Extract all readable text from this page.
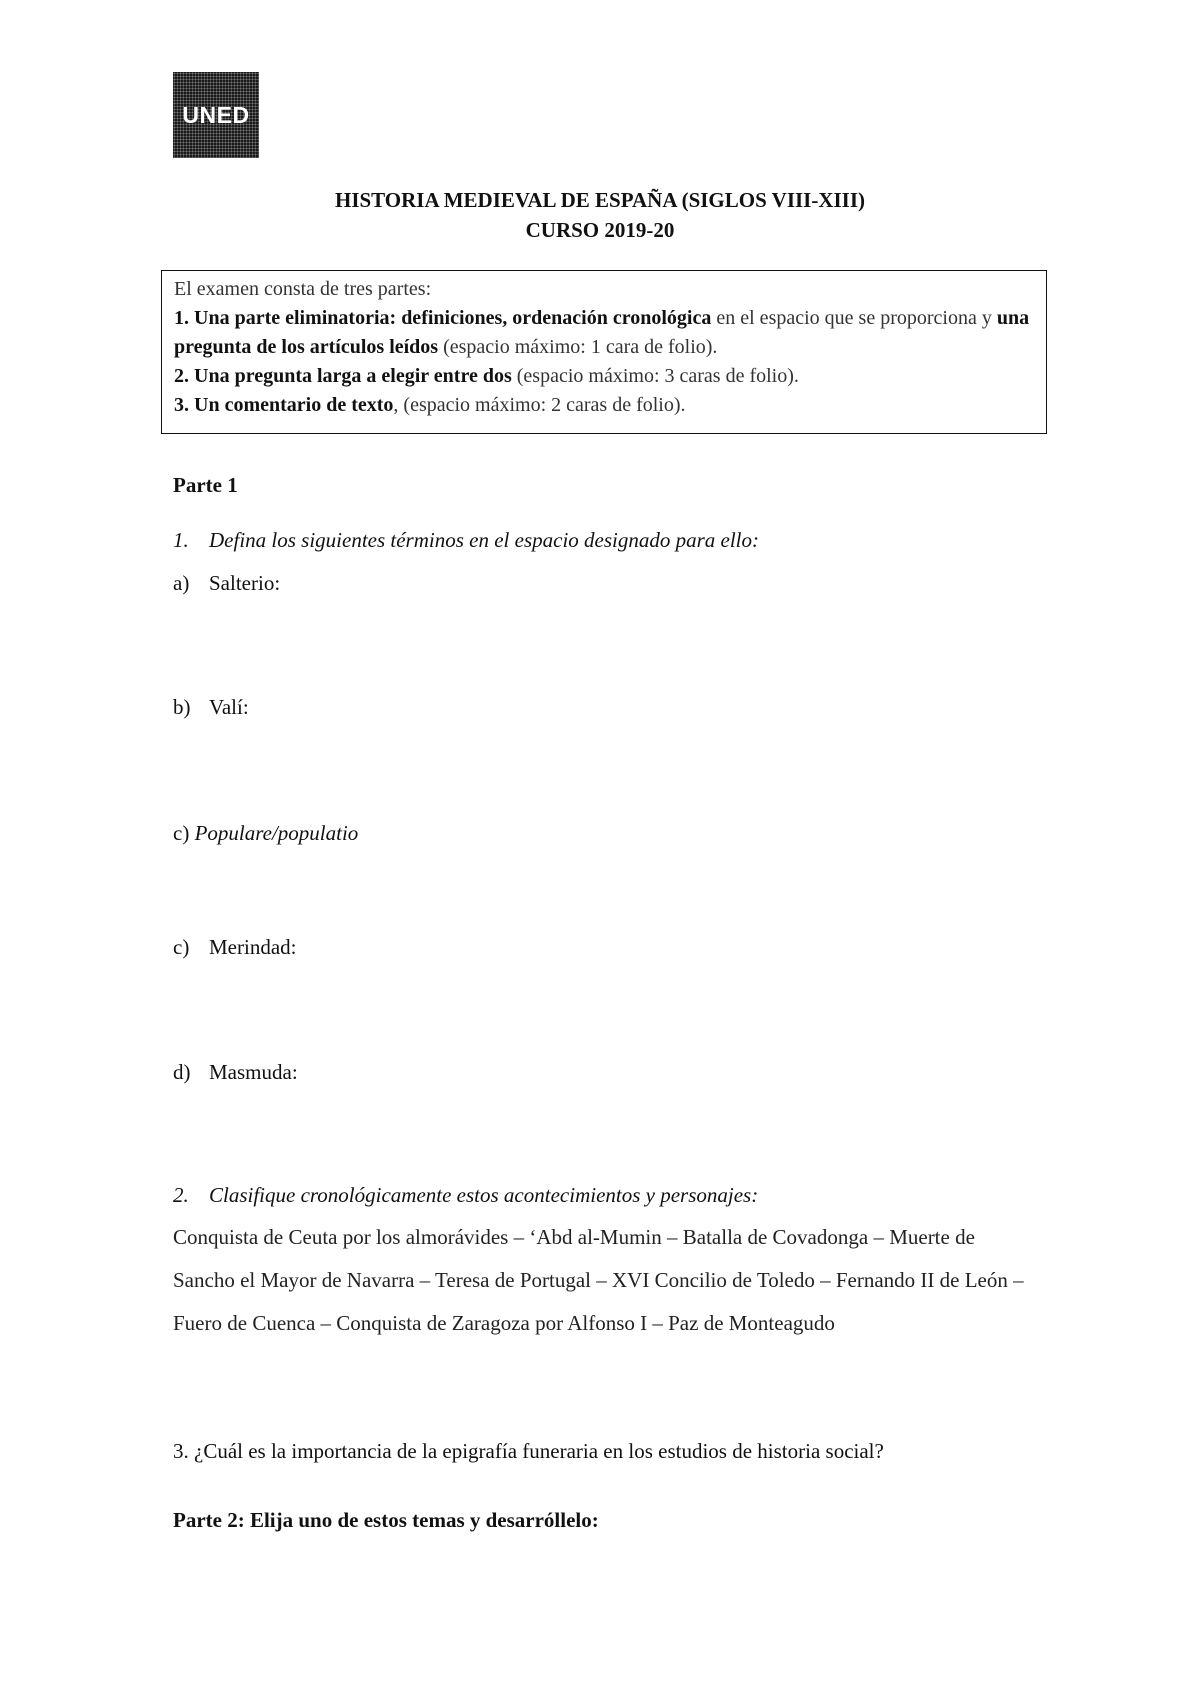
UNED
HISTORIA MEDIEVAL DE ESPAÑA (SIGLOS VIII-XIII)
CURSO 2019-20
El examen consta de tres partes:
1. Una parte eliminatoria: definiciones, ordenación cronológica en el espacio que se proporciona y una pregunta de los artículos leídos (espacio máximo: 1 cara de folio).
2. Una pregunta larga a elegir entre dos (espacio máximo: 3 caras de folio).
3. Un comentario de texto, (espacio máximo: 2 caras de folio).
Parte 1
1. Defina los siguientes términos en el espacio designado para ello:
a) Salterio:
b) Valí:
c) Populare/populatio
c) Merindad:
d) Masmuda:
2. Clasifique cronológicamente estos acontecimientos y personajes:
Conquista de Ceuta por los almorávides – ‘Abd al-Mumin – Batalla de Covadonga – Muerte de Sancho el Mayor de Navarra – Teresa de Portugal – XVI Concilio de Toledo – Fernando II de León – Fuero de Cuenca – Conquista de Zaragoza por Alfonso I – Paz de Monteagudo
3. ¿Cuál es la importancia de la epigrafía funeraria en los estudios de historia social?
Parte 2: Elija uno de estos temas y desarróllelo:
